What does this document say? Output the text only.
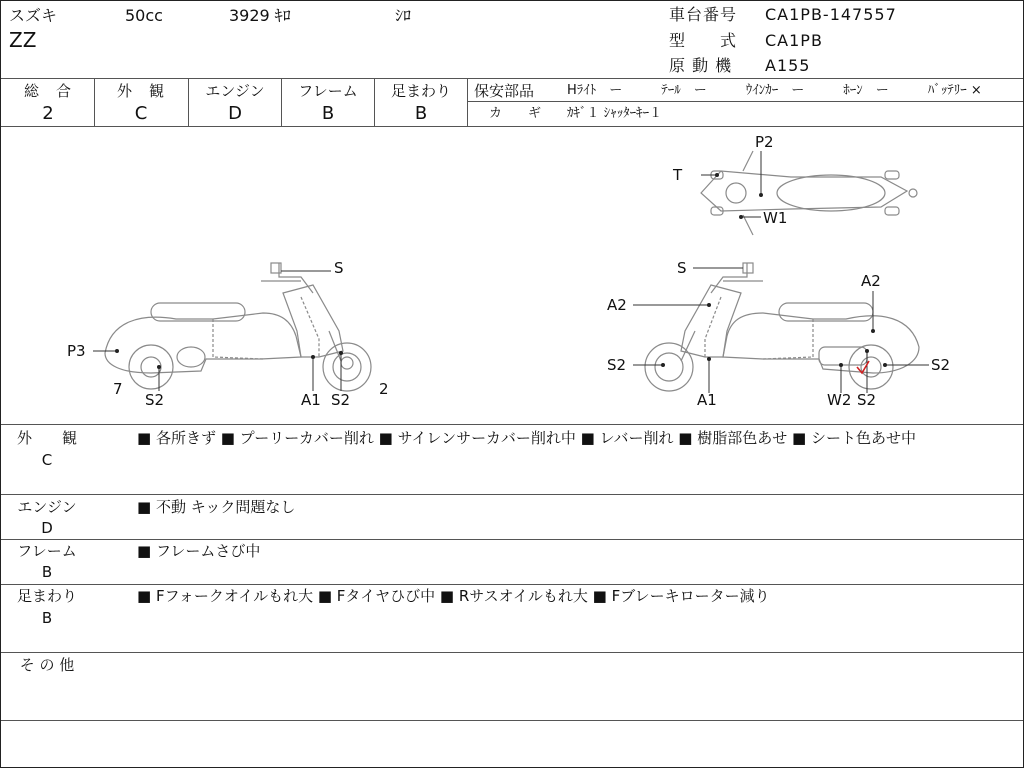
スズキ	50cc	3929 ｷﾛ	ｼﾛ
ZZ
車台番号 CA1PB-147557
型　　式 CA1PB
原 動 機 A155
総　合
2
外　観
C
エンジン
D
フレーム
B
足まわり
B
保安部品	Hﾗｲﾄ　ー　　　ﾃｰﾙ　ー　　　ｳｲﾝｶｰ　ー　　　ﾎｰﾝ　ー　　　ﾊﾞｯﾃﾘｰ ×
カ　　ギ ｶｷﾞ１ ｼｬｯﾀｰｷｰ１
S
P3
7
S2	A1 S2
2
P2
T
W1
S
A2
A2
S2	S2
A1	W2 S2
外　　観
C
■ 各所きず ■ プーリーカバー削れ ■ サイレンサーカバー削れ中 ■ レバー削れ ■ 樹脂部色あせ ■ シート色あせ中
エンジン
D
■ 不動 キック問題なし
フレーム
B
■ フレームさび中
足まわり
B
■ Fフォークオイルもれ大 ■ Fタイヤひび中 ■ Rサスオイルもれ大 ■ Fブレーキローター減り
そ の 他
